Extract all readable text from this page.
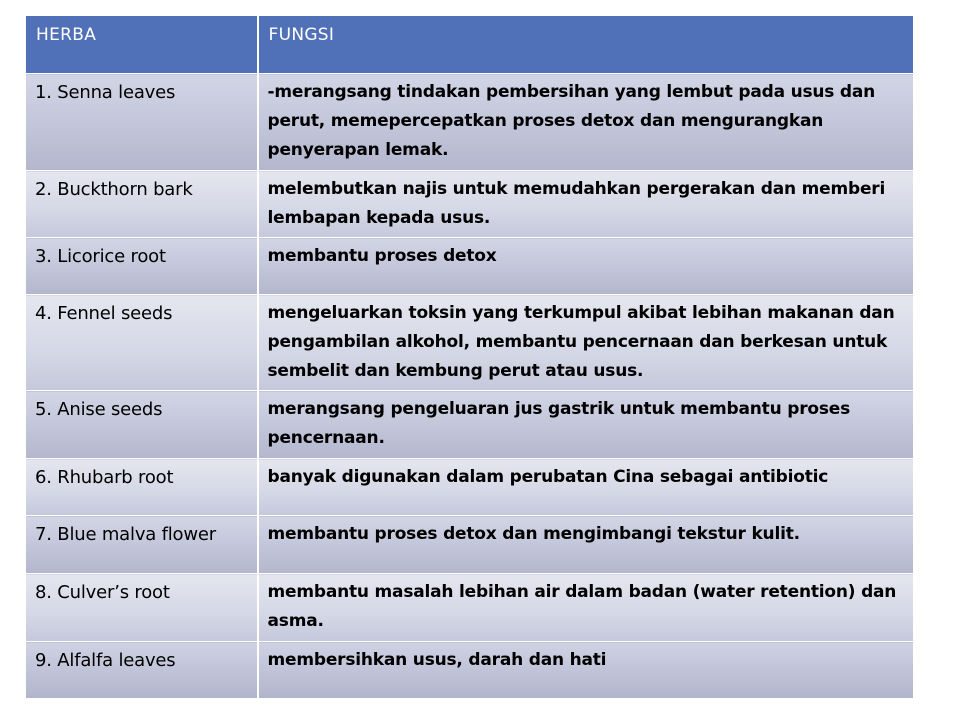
HERBA	FUNGSI
1. Senna leaves	-merangsang tindakan pembersihan yang lembut pada usus dan perut, memepercepatkan proses detox dan mengurangkan penyerapan lemak.
2. Buckthorn bark	melembutkan najis untuk memudahkan pergerakan dan memberi lembapan kepada usus.
3. Licorice root	membantu proses detox
4. Fennel seeds	mengeluarkan toksin yang terkumpul akibat lebihan makanan dan pengambilan alkohol, membantu pencernaan dan berkesan untuk sembelit dan kembung perut atau usus.
5. Anise seeds	merangsang pengeluaran jus gastrik untuk membantu proses pencernaan.
6. Rhubarb root	banyak digunakan dalam perubatan Cina sebagai antibiotic
7. Blue malva flower	membantu proses detox dan mengimbangi tekstur kulit.
8. Culver’s root	membantu masalah lebihan air dalam badan (water retention) dan asma.
9. Alfalfa leaves	membersihkan usus, darah dan hati
